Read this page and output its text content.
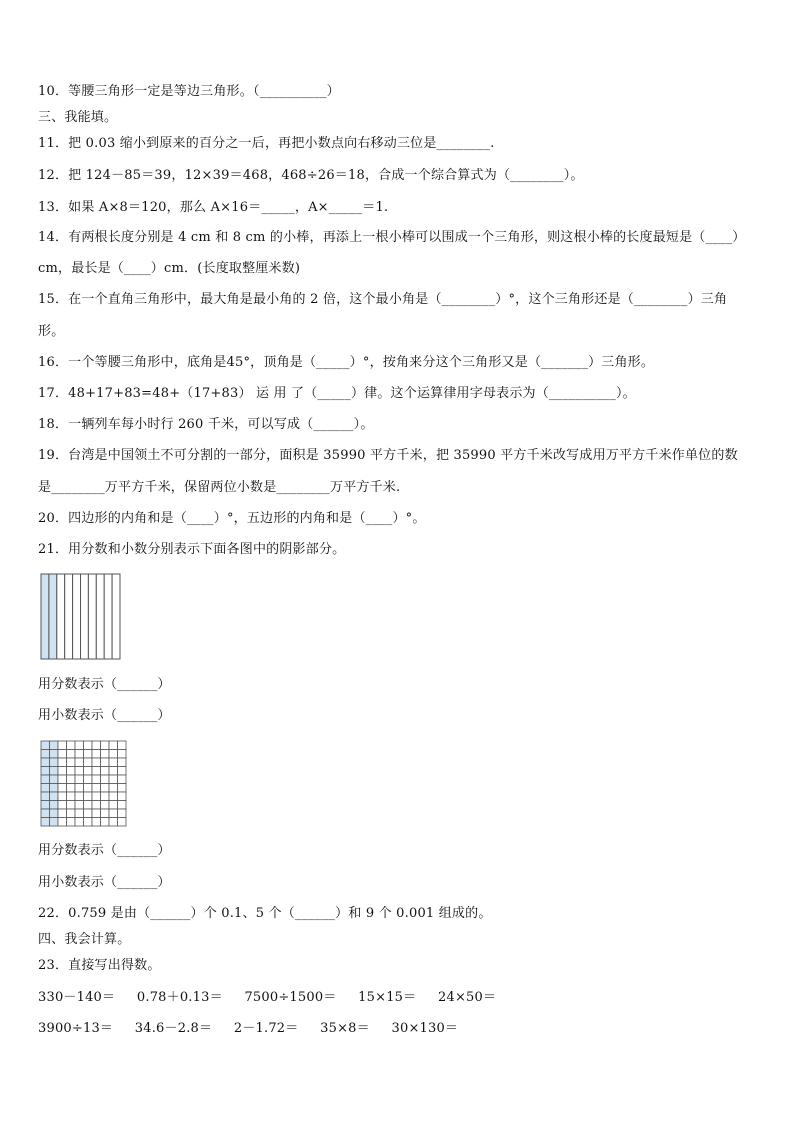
10．等腰三角形一定是等边三角形。（__________）
三、我能填。
11．把 0.03 缩小到原来的百分之一后，再把小数点向右移动三位是________.
12．把 124－85＝39，12×39＝468，468÷26＝18，合成一个综合算式为（________）。
13．如果 A×8＝120，那么 A×16＝_____，A×_____＝1.
14．有两根长度分别是 4 cm 和 8 cm 的小棒，再添上一根小棒可以围成一个三角形，则这根小棒的长度最短是（____）
cm，最长是（____）cm．(长度取整厘米数)
15．在一个直角三角形中，最大角是最小角的 2 倍，这个最小角是（________）°，这个三角形还是（________）三角
形。
16．一个等腰三角形中，底角是45°，顶角是（_____）°，按角来分这个三角形又是（_______）三角形。
17．48+17+83=48+（17+83） 运 用 了（_____）律。这个运算律用字母表示为（__________）。
18．一辆列车每小时行 260 千米，可以写成（______）。
19．台湾是中国领土不可分割的一部分，面积是 35990 平方千米，把 35990 平方千米改写成用万平方千米作单位的数
是________万平方千米，保留两位小数是________万平方千米.
20．四边形的内角和是（____）°，五边形的内角和是（____）°。
21．用分数和小数分别表示下面各图中的阴影部分。
用分数表示（______）
用小数表示（______）
用分数表示（______）
用小数表示（______）
22．0.759 是由（______）个 0.1、5 个（______）和 9 个 0.001 组成的。
四、我会计算。
23．直接写出得数。
330－140＝     0.78＋0.13＝     7500÷1500＝     15×15＝     24×50＝
3900÷13＝     34.6－2.8＝     2－1.72＝     35×8＝     30×130＝
